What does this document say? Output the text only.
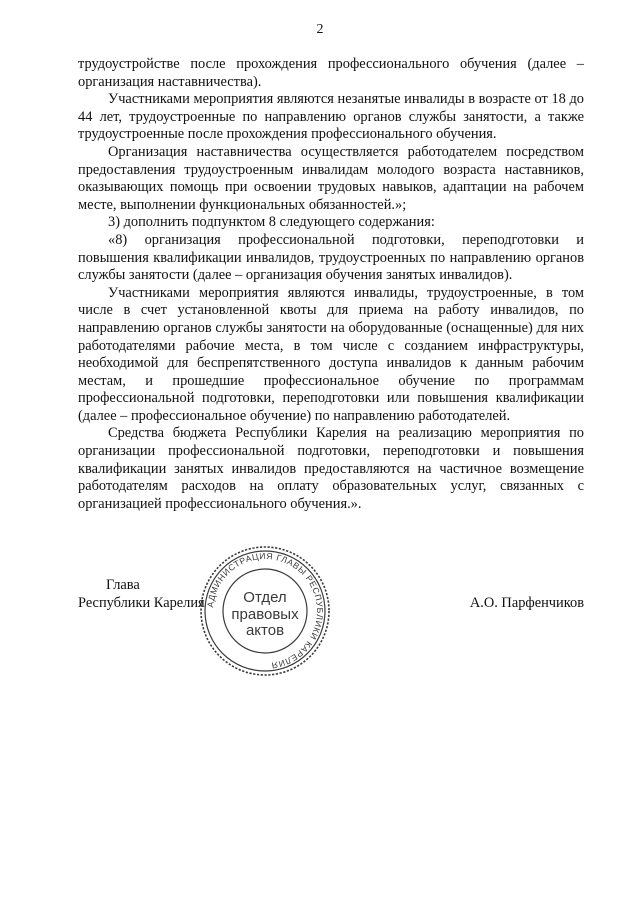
2

трудоустройстве после прохождения профессионального обучения (далее – организация наставничества).

Участниками мероприятия являются незанятые инвалиды в возрасте от 18 до 44 лет, трудоустроенные по направлению органов службы занятости, а также трудоустроенные после прохождения профессионального обучения.

Организация наставничества осуществляется работодателем посредством предоставления трудоустроенным инвалидам молодого возраста наставников, оказывающих помощь при освоении трудовых навыков, адаптации на рабочем месте, выполнении функциональных обязанностей.»;

3) дополнить подпунктом 8 следующего содержания:

«8) организация профессиональной подготовки, переподготовки и повышения квалификации инвалидов, трудоустроенных по направлению органов службы занятости (далее – организация обучения занятых инвалидов).

Участниками мероприятия являются инвалиды, трудоустроенные, в том числе в счет установленной квоты для приема на работу инвалидов, по направлению органов службы занятости на оборудованные (оснащенные) для них работодателями рабочие места, в том числе с созданием инфраструктуры, необходимой для беспрепятственного доступа инвалидов к данным рабочим местам, и прошедшие профессиональное обучение по программам профессиональной подготовки, переподготовки или повышения квалификации (далее – профессиональное обучение) по направлению работодателей.

Средства бюджета Республики Карелия на реализацию мероприятия по организации профессиональной подготовки, переподготовки и повышения квалификации занятых инвалидов предоставляются на частичное возмещение работодателям расходов на оплату образовательных услуг, связанных с организацией профессионального обучения.».

Глава
Республики Карелия	А.О. Парфенчиков
АДМИНИСТРАЦИЯ ГЛАВЫ РЕСПУБЛИКИ КАРЕЛИЯ
Отдел
правовых
актов
